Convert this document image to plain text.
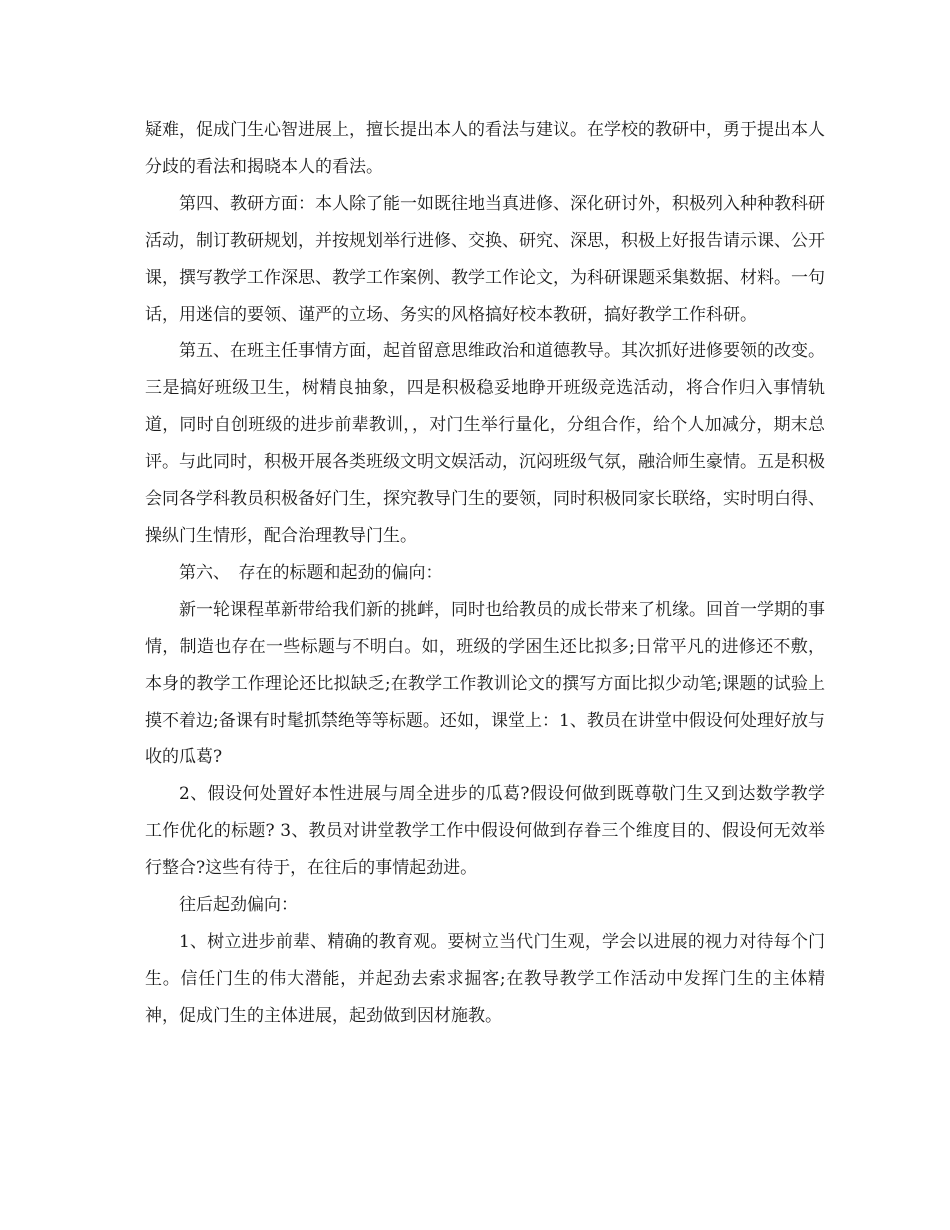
疑难，促成门生心智进展上，擅长提出本人的看法与建议。在学校的教研中，勇于提出本人分歧的看法和揭晓本人的看法。

第四、教研方面：本人除了能一如既往地当真进修、深化研讨外，积极列入种种教科研活动，制订教研规划，并按规划举行进修、交换、研究、深思，积极上好报告请示课、公开课，撰写教学工作深思、教学工作案例、教学工作论文，为科研课题采集数据、材料。一句话，用迷信的要领、谨严的立场、务实的风格搞好校本教研，搞好教学工作科研。

第五、在班主任事情方面，起首留意思维政治和道德教导。其次抓好进修要领的改变。三是搞好班级卫生，树精良抽象，四是积极稳妥地睁开班级竞选活动，将合作归入事情轨道，同时自创班级的进步前辈教训，，对门生举行量化，分组合作，给个人加减分，期末总评。与此同时，积极开展各类班级文明文娱活动，沉闷班级气氛，融洽师生豪情。五是积极会同各学科教员积极备好门生，探究教导门生的要领，同时积极同家长联络，实时明白得、操纵门生情形，配合治理教导门生。

第六、　存在的标题和起劲的偏向：

新一轮课程革新带给我们新的挑衅，同时也给教员的成长带来了机缘。回首一学期的事情，制造也存在一些标题与不明白。如，班级的学困生还比拟多;日常平凡的进修还不敷，本身的教学工作理论还比拟缺乏;在教学工作教训论文的撰写方面比拟少动笔;课题的试验上摸不着边;备课有时髦抓禁绝等等标题。还如，课堂上：1、教员在讲堂中假设何处理好放与收的瓜葛?

2、假设何处置好本性进展与周全进步的瓜葛?假设何做到既尊敬门生又到达数学教学工作优化的标题? 3、教员对讲堂教学工作中假设何做到存眷三个维度目的、假设何无效举行整合?这些有待于，在往后的事情起劲进。

往后起劲偏向：

1、树立进步前辈、精确的教育观。要树立当代门生观，学会以进展的视力对待每个门生。信任门生的伟大潜能，并起劲去索求掘客;在教导教学工作活动中发挥门生的主体精神，促成门生的主体进展，起劲做到因材施教。
